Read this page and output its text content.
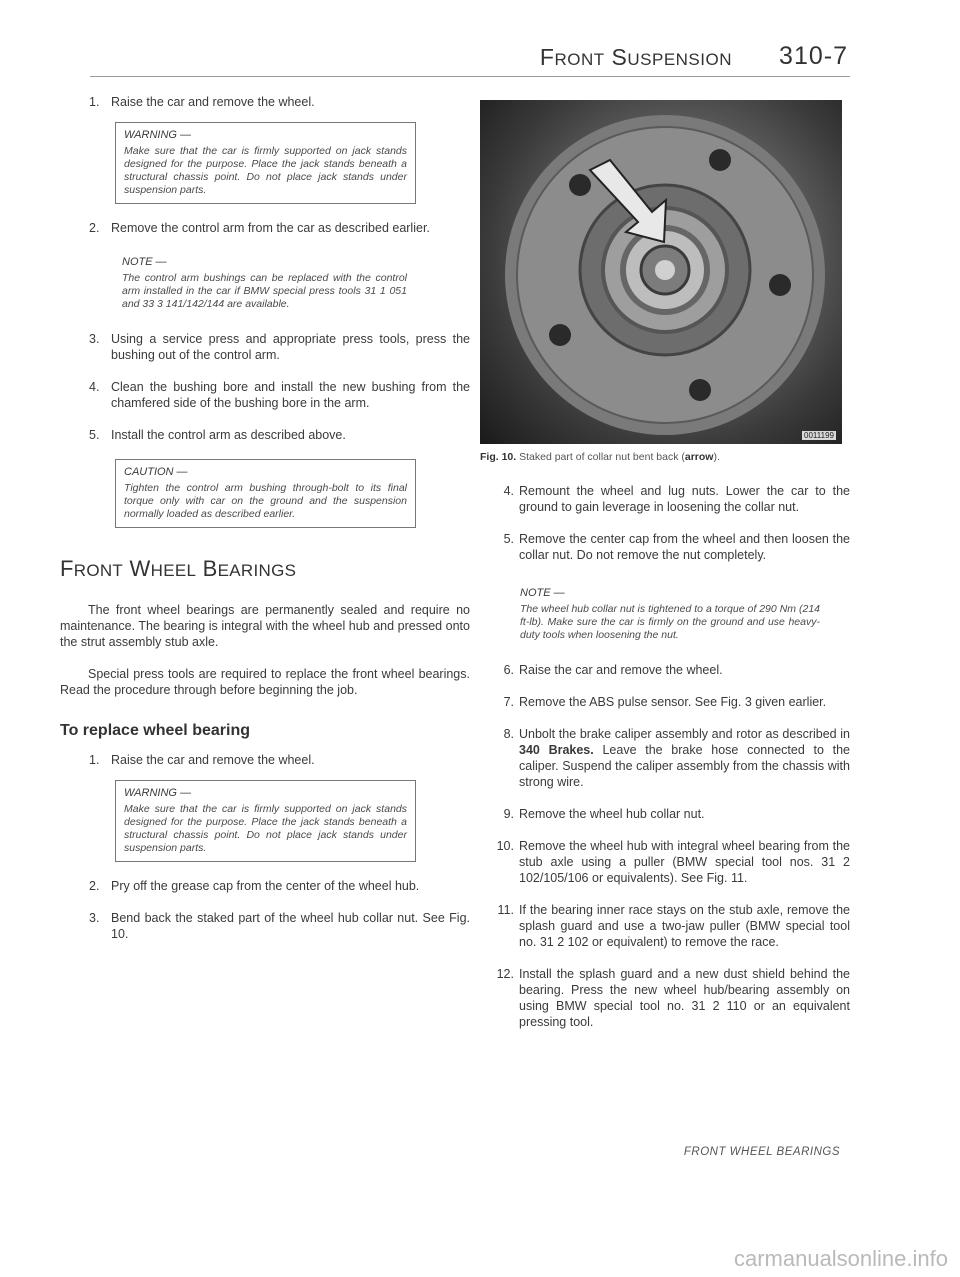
FRONT SUSPENSION 310-7
1. Raise the car and remove the wheel.
WARNING —
Make sure that the car is firmly supported on jack stands designed for the purpose. Place the jack stands beneath a structural chassis point. Do not place jack stands under suspension parts.
2. Remove the control arm from the car as described earlier.
NOTE —
The control arm bushings can be replaced with the control arm installed in the car if BMW special press tools 31 1 051 and 33 3 141/142/144 are available.
3. Using a service press and appropriate press tools, press the bushing out of the control arm.
4. Clean the bushing bore and install the new bushing from the chamfered side of the bushing bore in the arm.
5. Install the control arm as described above.
CAUTION —
Tighten the control arm bushing through-bolt to its final torque only with car on the ground and the suspension normally loaded as described earlier.
FRONT WHEEL BEARINGS

The front wheel bearings are permanently sealed and require no maintenance. The bearing is integral with the wheel hub and pressed onto the strut assembly stub axle.

Special press tools are required to replace the front wheel bearings. Read the procedure through before beginning the job.

To replace wheel bearing
1. Raise the car and remove the wheel.
WARNING —
Make sure that the car is firmly supported on jack stands designed for the purpose. Place the jack stands beneath a structural chassis point. Do not place jack stands under suspension parts.
2. Pry off the grease cap from the center of the wheel hub.
3. Bend back the staked part of the wheel hub collar nut. See Fig. 10.
0011199
Fig. 10. Staked part of collar nut bent back (arrow).
4. Remount the wheel and lug nuts. Lower the car to the ground to gain leverage in loosening the collar nut.
5. Remove the center cap from the wheel and then loosen the collar nut. Do not remove the nut completely.
NOTE —
The wheel hub collar nut is tightened to a torque of 290 Nm (214 ft-lb). Make sure the car is firmly on the ground and use heavy-duty tools when loosening the nut.
6. Raise the car and remove the wheel.
7. Remove the ABS pulse sensor. See Fig. 3 given earlier.
8. Unbolt the brake caliper assembly and rotor as described in 340 Brakes. Leave the brake hose connected to the caliper. Suspend the caliper assembly from the chassis with strong wire.
9. Remove the wheel hub collar nut.
10. Remove the wheel hub with integral wheel bearing from the stub axle using a puller (BMW special tool nos. 31 2 102/105/106 or equivalents). See Fig. 11.
11. If the bearing inner race stays on the stub axle, remove the splash guard and use a two-jaw puller (BMW special tool no. 31 2 102 or equivalent) to remove the race.
12. Install the splash guard and a new dust shield behind the bearing. Press the new wheel hub/bearing assembly on using BMW special tool no. 31 2 110 or an equivalent pressing tool.
FRONT WHEEL BEARINGS
carmanualsonline.info
